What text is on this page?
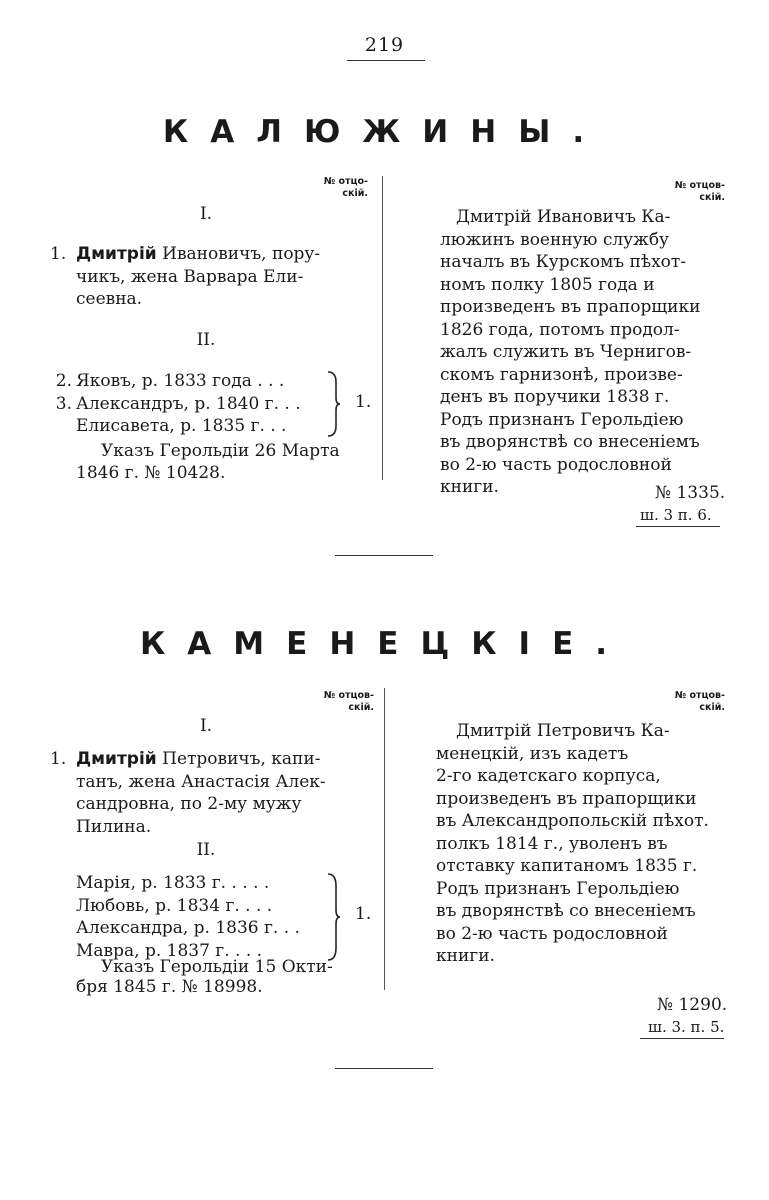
219
КАЛЮЖИНЫ.
№ отцо-
скій.
I.
1. Дмитрій Ивановичъ, пору-
чикъ, жена Варвара Ели-
сеевна.
II.
2.
3.

Яковъ, р. 1833 года . . .
Александръ, р. 1840 г. . .
Елисавета, р. 1835 г. . .
1.
Указъ Герольдіи 26 Марта
1846 г. № 10428.
№ отцов-
скій.
Дмитрій Ивановичъ Ка-
люжинъ военную службу
началъ въ Курскомъ пѣхот-
номъ полку 1805 года и
произведенъ въ прапорщики
1826 года, потомъ продол-
жалъ служить въ Чернигов-
скомъ гарнизонѣ, произве-
денъ въ поручики 1838 г.
Родъ признанъ Герольдіею
въ дворянствѣ со внесеніемъ
во 2-ю часть родословной
книги.	№ 1335.
ш. 3 п. 6.
КАМЕНЕЦКІЕ.
№ отцов-
скій.
I.
1. Дмитрій Петровичъ, капи-
танъ, жена Анастасія Алек-
сандровна, по 2-му мужу
Пилина.
II.
Марія, р. 1833 г. . . . .
Любовь, р. 1834 г. . . .
Александра, р. 1836 г. . .
Мавра, р. 1837 г. . . .
1.
Указъ Герольдіи 15 Окти-
бря 1845 г. № 18998.
№ отцов-
скій.
Дмитрій Петровичъ Ка-
менецкій, изъ кадетъ
2-го кадетскаго корпуса,
произведенъ въ прапорщики
въ Александропольскій пѣхот.
полкъ 1814 г., уволенъ въ
отставку капитаномъ 1835 г.
Родъ признанъ Герольдіею
въ дворянствѣ со внесеніемъ
во 2-ю часть родословной
книги.
№ 1290.
ш. 3. п. 5.
